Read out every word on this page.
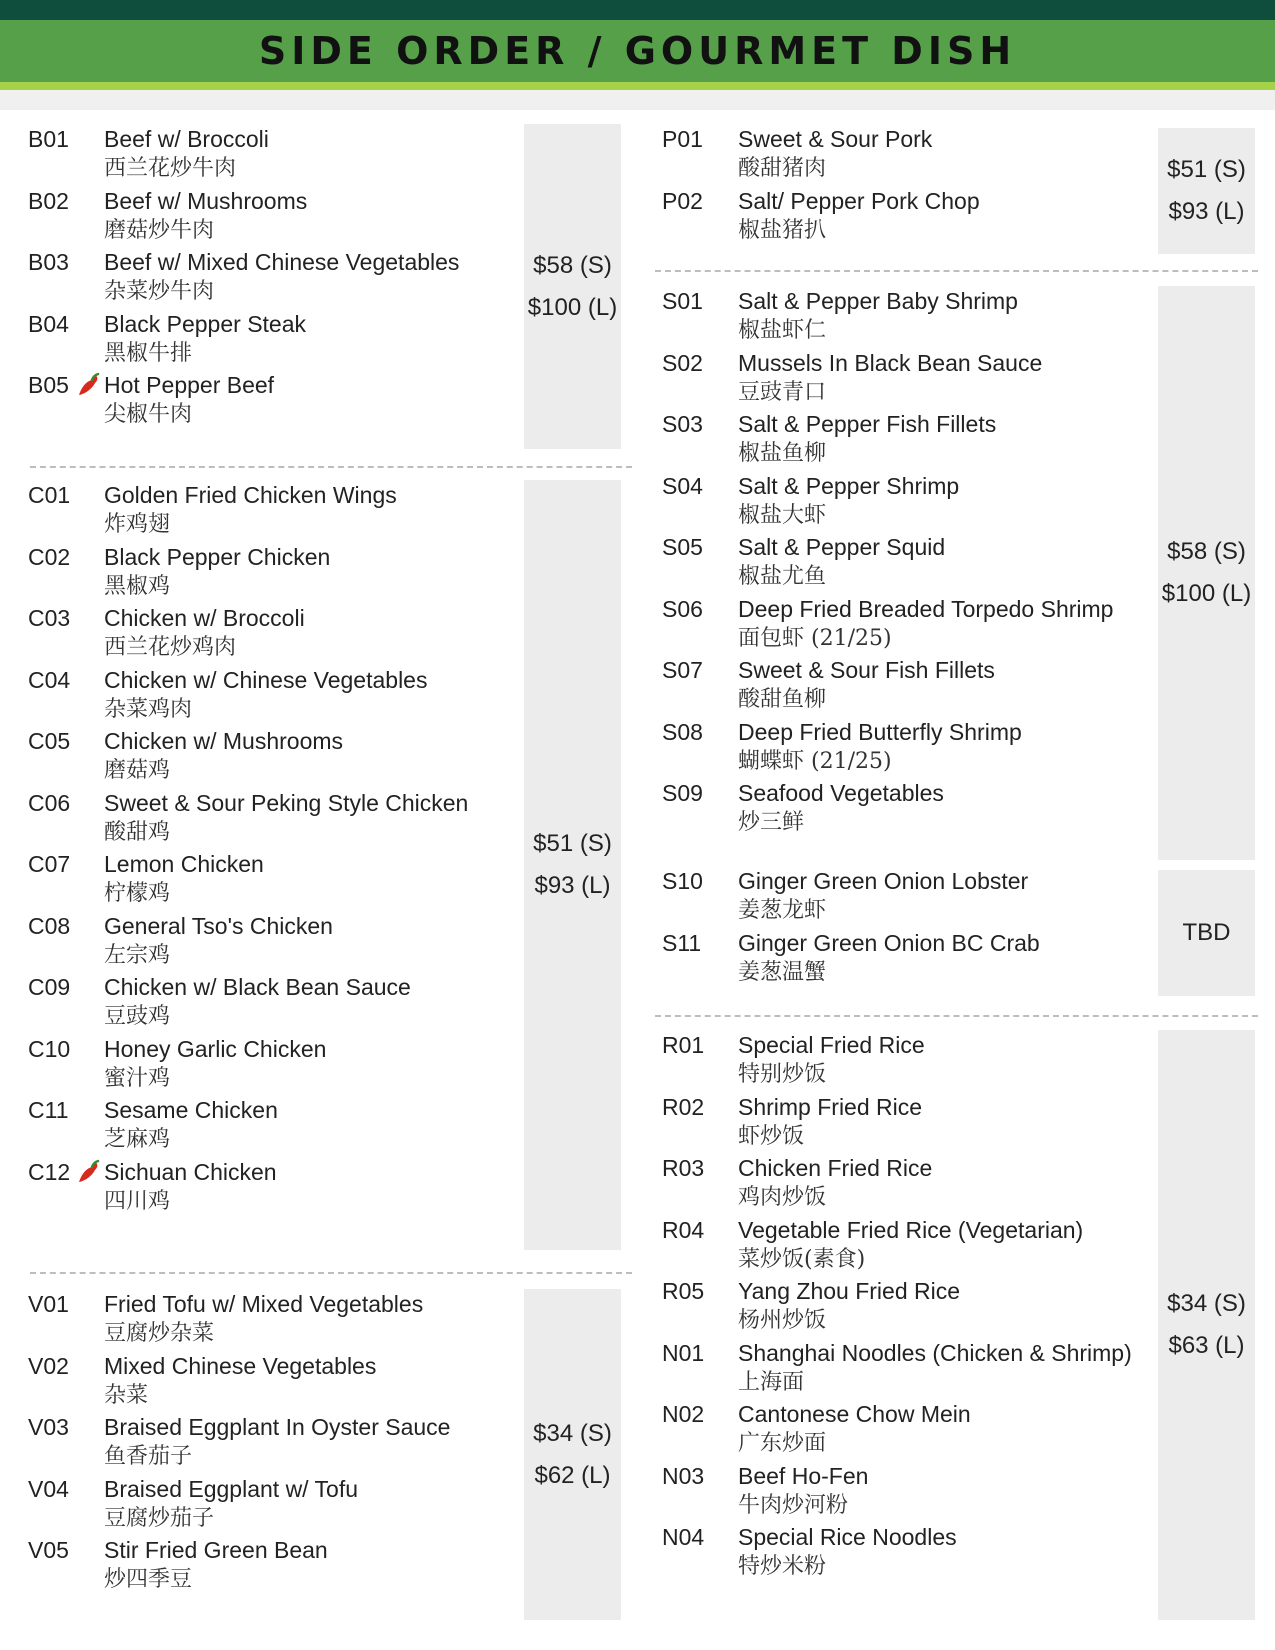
SIDE ORDER / GOURMET DISH
B01 Beef w/ Broccoli
西兰花炒牛肉
B02 Beef w/ Mushrooms
磨菇炒牛肉
B03 Beef w/ Mixed Chinese Vegetables
杂菜炒牛肉
B04 Black Pepper Steak
黑椒牛排
B05 Hot Pepper Beef
尖椒牛肉
$58 (S)
$100 (L)
C01 Golden Fried Chicken Wings
炸鸡翅
C02 Black Pepper Chicken
黑椒鸡
C03 Chicken w/ Broccoli
西兰花炒鸡肉
C04 Chicken w/ Chinese Vegetables
杂菜鸡肉
C05 Chicken w/ Mushrooms
磨菇鸡
C06 Sweet & Sour Peking Style Chicken
酸甜鸡
C07 Lemon Chicken
柠檬鸡
C08 General Tso's Chicken
左宗鸡
C09 Chicken w/ Black Bean Sauce
豆豉鸡
C10 Honey Garlic Chicken
蜜汁鸡
C11 Sesame Chicken
芝麻鸡
C12 Sichuan Chicken
四川鸡
$51 (S)
$93 (L)
V01 Fried Tofu w/ Mixed Vegetables
豆腐炒杂菜
V02 Mixed Chinese Vegetables
杂菜
V03 Braised Eggplant In Oyster Sauce
鱼香茄子
V04 Braised Eggplant w/ Tofu
豆腐炒茄子
V05 Stir Fried Green Bean
炒四季豆
$34 (S)
$62 (L)
P01 Sweet & Sour Pork
酸甜猪肉
P02 Salt/ Pepper Pork Chop
椒盐猪扒
$51 (S)
$93 (L)
S01 Salt & Pepper Baby Shrimp
椒盐虾仁
S02 Mussels In Black Bean Sauce
豆豉青口
S03 Salt & Pepper Fish Fillets
椒盐鱼柳
S04 Salt & Pepper Shrimp
椒盐大虾
S05 Salt & Pepper Squid
椒盐尤鱼
S06 Deep Fried Breaded Torpedo Shrimp
面包虾 (21/25)
S07 Sweet & Sour Fish Fillets
酸甜鱼柳
S08 Deep Fried Butterfly Shrimp
蝴蝶虾 (21/25)
S09 Seafood Vegetables
炒三鲜
$58 (S)
$100 (L)
S10 Ginger Green Onion Lobster
姜葱龙虾
S11 Ginger Green Onion BC Crab
姜葱温蟹
TBD
R01 Special Fried Rice
特别炒饭
R02 Shrimp Fried Rice
虾炒饭
R03 Chicken Fried Rice
鸡肉炒饭
R04 Vegetable Fried Rice (Vegetarian)
菜炒饭(素食)
R05 Yang Zhou Fried Rice
杨州炒饭
N01 Shanghai Noodles (Chicken & Shrimp)
上海面
N02 Cantonese Chow Mein
广东炒面
N03 Beef Ho-Fen
牛肉炒河粉
N04 Special Rice Noodles
特炒米粉
$34 (S)
$63 (L)
